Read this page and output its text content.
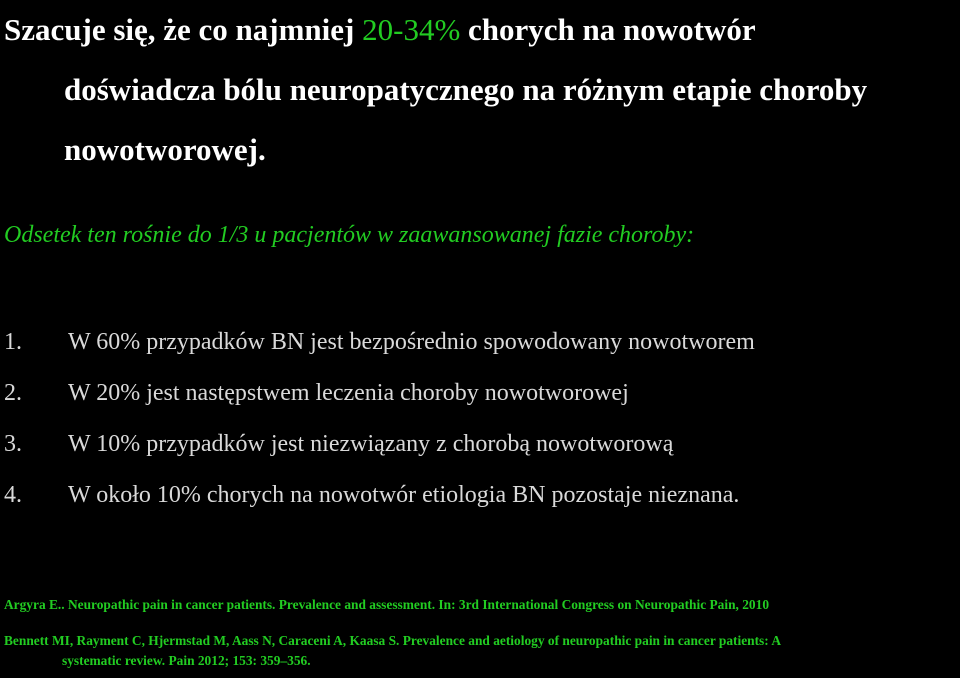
Szacuje się, że co najmniej 20-34% chorych na nowotwór
doświadcza bólu neuropatycznego na różnym etapie choroby
nowotworowej.

Odsetek ten rośnie do 1/3 u pacjentów w zaawansowanej fazie choroby:

1.	W 60% przypadków BN jest bezpośrednio spowodowany nowotworem
2.	W 20% jest następstwem leczenia choroby nowotworowej
3.	W 10% przypadków jest niezwiązany z chorobą nowotworową
4.	W około 10% chorych na nowotwór etiologia BN pozostaje nieznana.
Argyra E.. Neuropathic pain in cancer patients. Prevalence and assessment. In: 3rd International Congress on Neuropathic Pain, 2010
Bennett MI, Rayment C, Hjermstad M, Aass N, Caraceni A, Kaasa S. Prevalence and aetiology of neuropathic pain in cancer patients: A
systematic review. Pain 2012; 153: 359–356.
